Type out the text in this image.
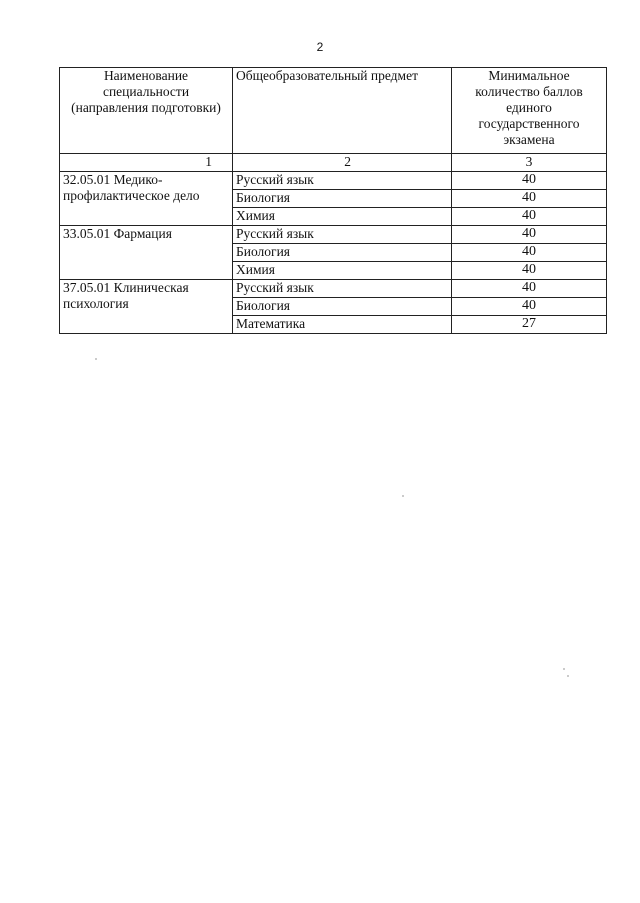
2
Наименование специальности (направления подготовки)	Общеобразовательный предмет	Минимальное количество баллов единого государственного экзамена
1	2	3
32.05.01 Медико-профилактическое дело	Русский язык	40
	Биология	40
	Химия	40
33.05.01 Фармация	Русский язык	40
	Биология	40
	Химия	40
37.05.01 Клиническая психология	Русский язык	40
	Биология	40
	Математика	27
